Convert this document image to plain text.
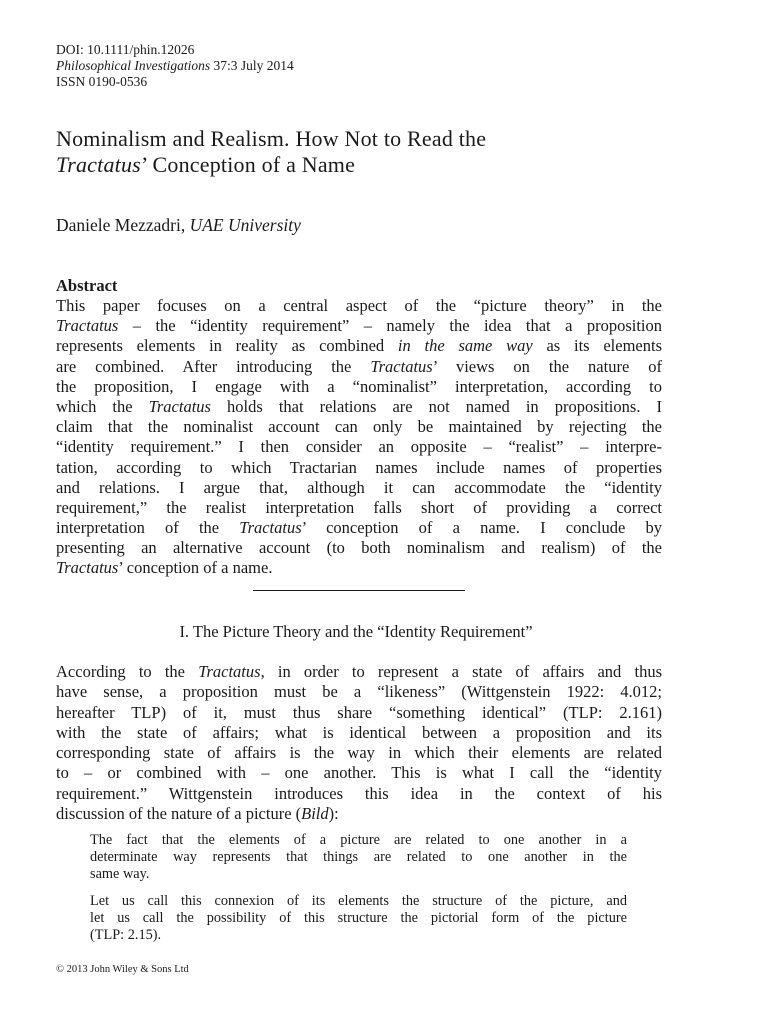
DOI: 10.1111/phin.12026
Philosophical Investigations 37:3 July 2014
ISSN 0190-0536
Nominalism and Realism. How Not to Read the
Tractatus’ Conception of a Name
Daniele Mezzadri, UAE University
Abstract
This paper focuses on a central aspect of the “picture theory” in the
Tractatus – the “identity requirement” – namely the idea that a proposition
represents elements in reality as combined in the same way as its elements
are combined. After introducing the Tractatus’ views on the nature of
the proposition, I engage with a “nominalist” interpretation, according to
which the Tractatus holds that relations are not named in propositions. I
claim that the nominalist account can only be maintained by rejecting the
“identity requirement.” I then consider an opposite – “realist” – interpre-
tation, according to which Tractarian names include names of properties
and relations. I argue that, although it can accommodate the “identity
requirement,” the realist interpretation falls short of providing a correct
interpretation of the Tractatus’ conception of a name. I conclude by
presenting an alternative account (to both nominalism and realism) of the
Tractatus’ conception of a name.
I. The Picture Theory and the “Identity Requirement”
According to the Tractatus, in order to represent a state of affairs and thus
have sense, a proposition must be a “likeness” (Wittgenstein 1922: 4.012;
hereafter TLP) of it, must thus share “something identical” (TLP: 2.161)
with the state of affairs; what is identical between a proposition and its
corresponding state of affairs is the way in which their elements are related
to – or combined with – one another. This is what I call the “identity
requirement.” Wittgenstein introduces this idea in the context of his
discussion of the nature of a picture (Bild):
The fact that the elements of a picture are related to one another in a
determinate way represents that things are related to one another in the
same way.
Let us call this connexion of its elements the structure of the picture, and
let us call the possibility of this structure the pictorial form of the picture
(TLP: 2.15).
© 2013 John Wiley & Sons Ltd
